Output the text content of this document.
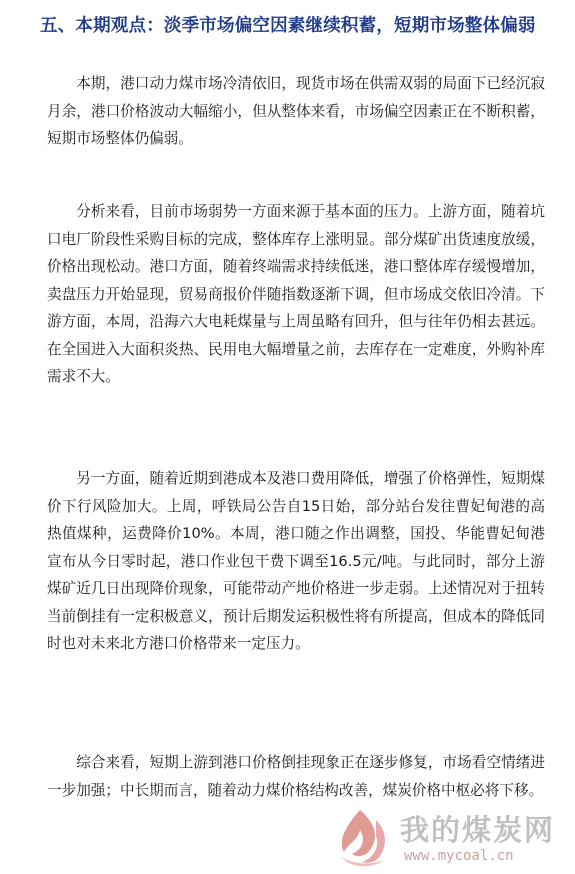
五、本期观点：淡季市场偏空因素继续积蓄，短期市场整体偏弱

本期，港口动力煤市场冷清依旧，现货市场在供需双弱的局面下已经沉寂月余，港口价格波动大幅缩小，但从整体来看，市场偏空因素正在不断积蓄，短期市场整体仍偏弱。

分析来看，目前市场弱势一方面来源于基本面的压力。上游方面，随着坑口电厂阶段性采购目标的完成，整体库存上涨明显。部分煤矿出货速度放缓，价格出现松动。港口方面，随着终端需求持续低迷，港口整体库存缓慢增加，卖盘压力开始显现，贸易商报价伴随指数逐渐下调，但市场成交依旧冷清。下游方面，本周，沿海六大电耗煤量与上周虽略有回升，但与往年仍相去甚远。在全国进入大面积炎热、民用电大幅增量之前，去库存在一定难度，外购补库需求不大。

另一方面，随着近期到港成本及港口费用降低，增强了价格弹性，短期煤价下行风险加大。上周，呼铁局公告自15日始，部分站台发往曹妃甸港的高热值煤种，运费降价10%。本周，港口随之作出调整，国投、华能曹妃甸港宣布从今日零时起，港口作业包干费下调至16.5元/吨。与此同时，部分上游煤矿近几日出现降价现象，可能带动产地价格进一步走弱。上述情况对于扭转当前倒挂有一定积极意义，预计后期发运积极性将有所提高，但成本的降低同时也对未来北方港口价格带来一定压力。

综合来看，短期上游到港口价格倒挂现象正在逐步修复，市场看空情绪进一步加强；中长期而言，随着动力煤价格结构改善，煤炭价格中枢必将下移。

我的煤炭网
www.mycoal.cn
